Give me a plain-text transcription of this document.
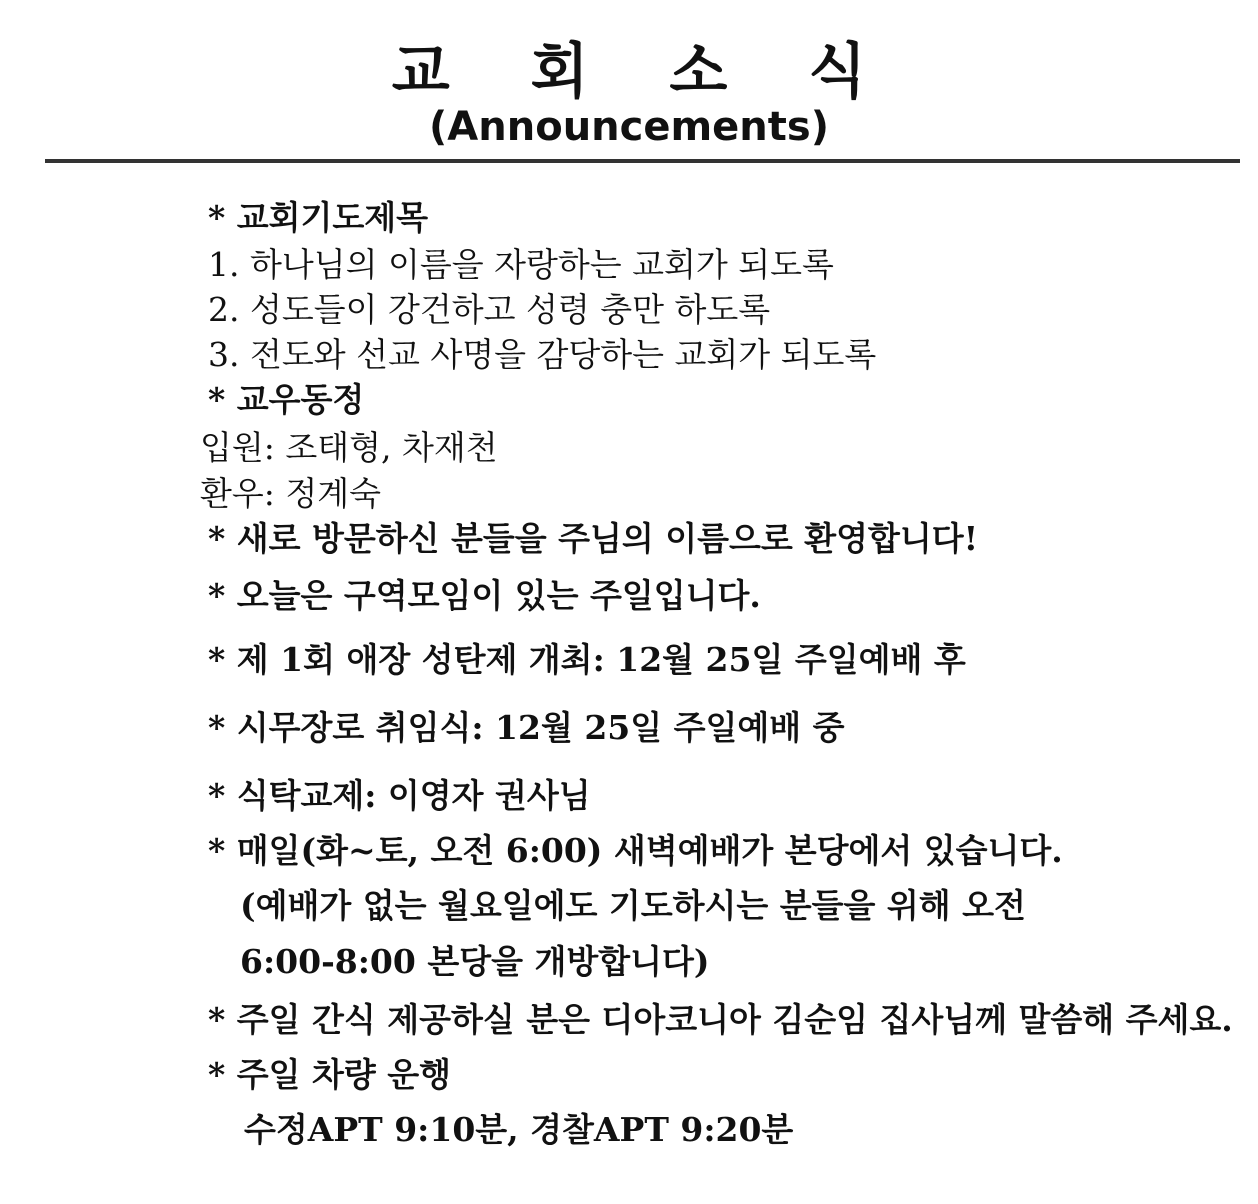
교 회 소 식
(Announcements)
* 교회기도제목
1. 하나님의 이름을 자랑하는 교회가 되도록
2. 성도들이 강건하고 성령 충만 하도록
3. 전도와 선교 사명을 감당하는 교회가 되도록
* 교우동정
입원: 조태형, 차재천
환우: 정계숙
* 새로 방문하신 분들을 주님의 이름으로 환영합니다!
* 오늘은 구역모임이 있는 주일입니다.
* 제 1회 애장 성탄제 개최: 12월 25일 주일예배 후
* 시무장로 취임식: 12월 25일 주일예배 중
* 식탁교제: 이영자 권사님
* 매일(화~토, 오전 6:00) 새벽예배가 본당에서 있습니다.
(예배가 없는 월요일에도 기도하시는 분들을 위해 오전
6:00-8:00 본당을 개방합니다)
* 주일 간식 제공하실 분은 디아코니아 김순임 집사님께 말씀해 주세요.
* 주일 차량 운행
수정APT 9:10분, 경찰APT 9:20분
